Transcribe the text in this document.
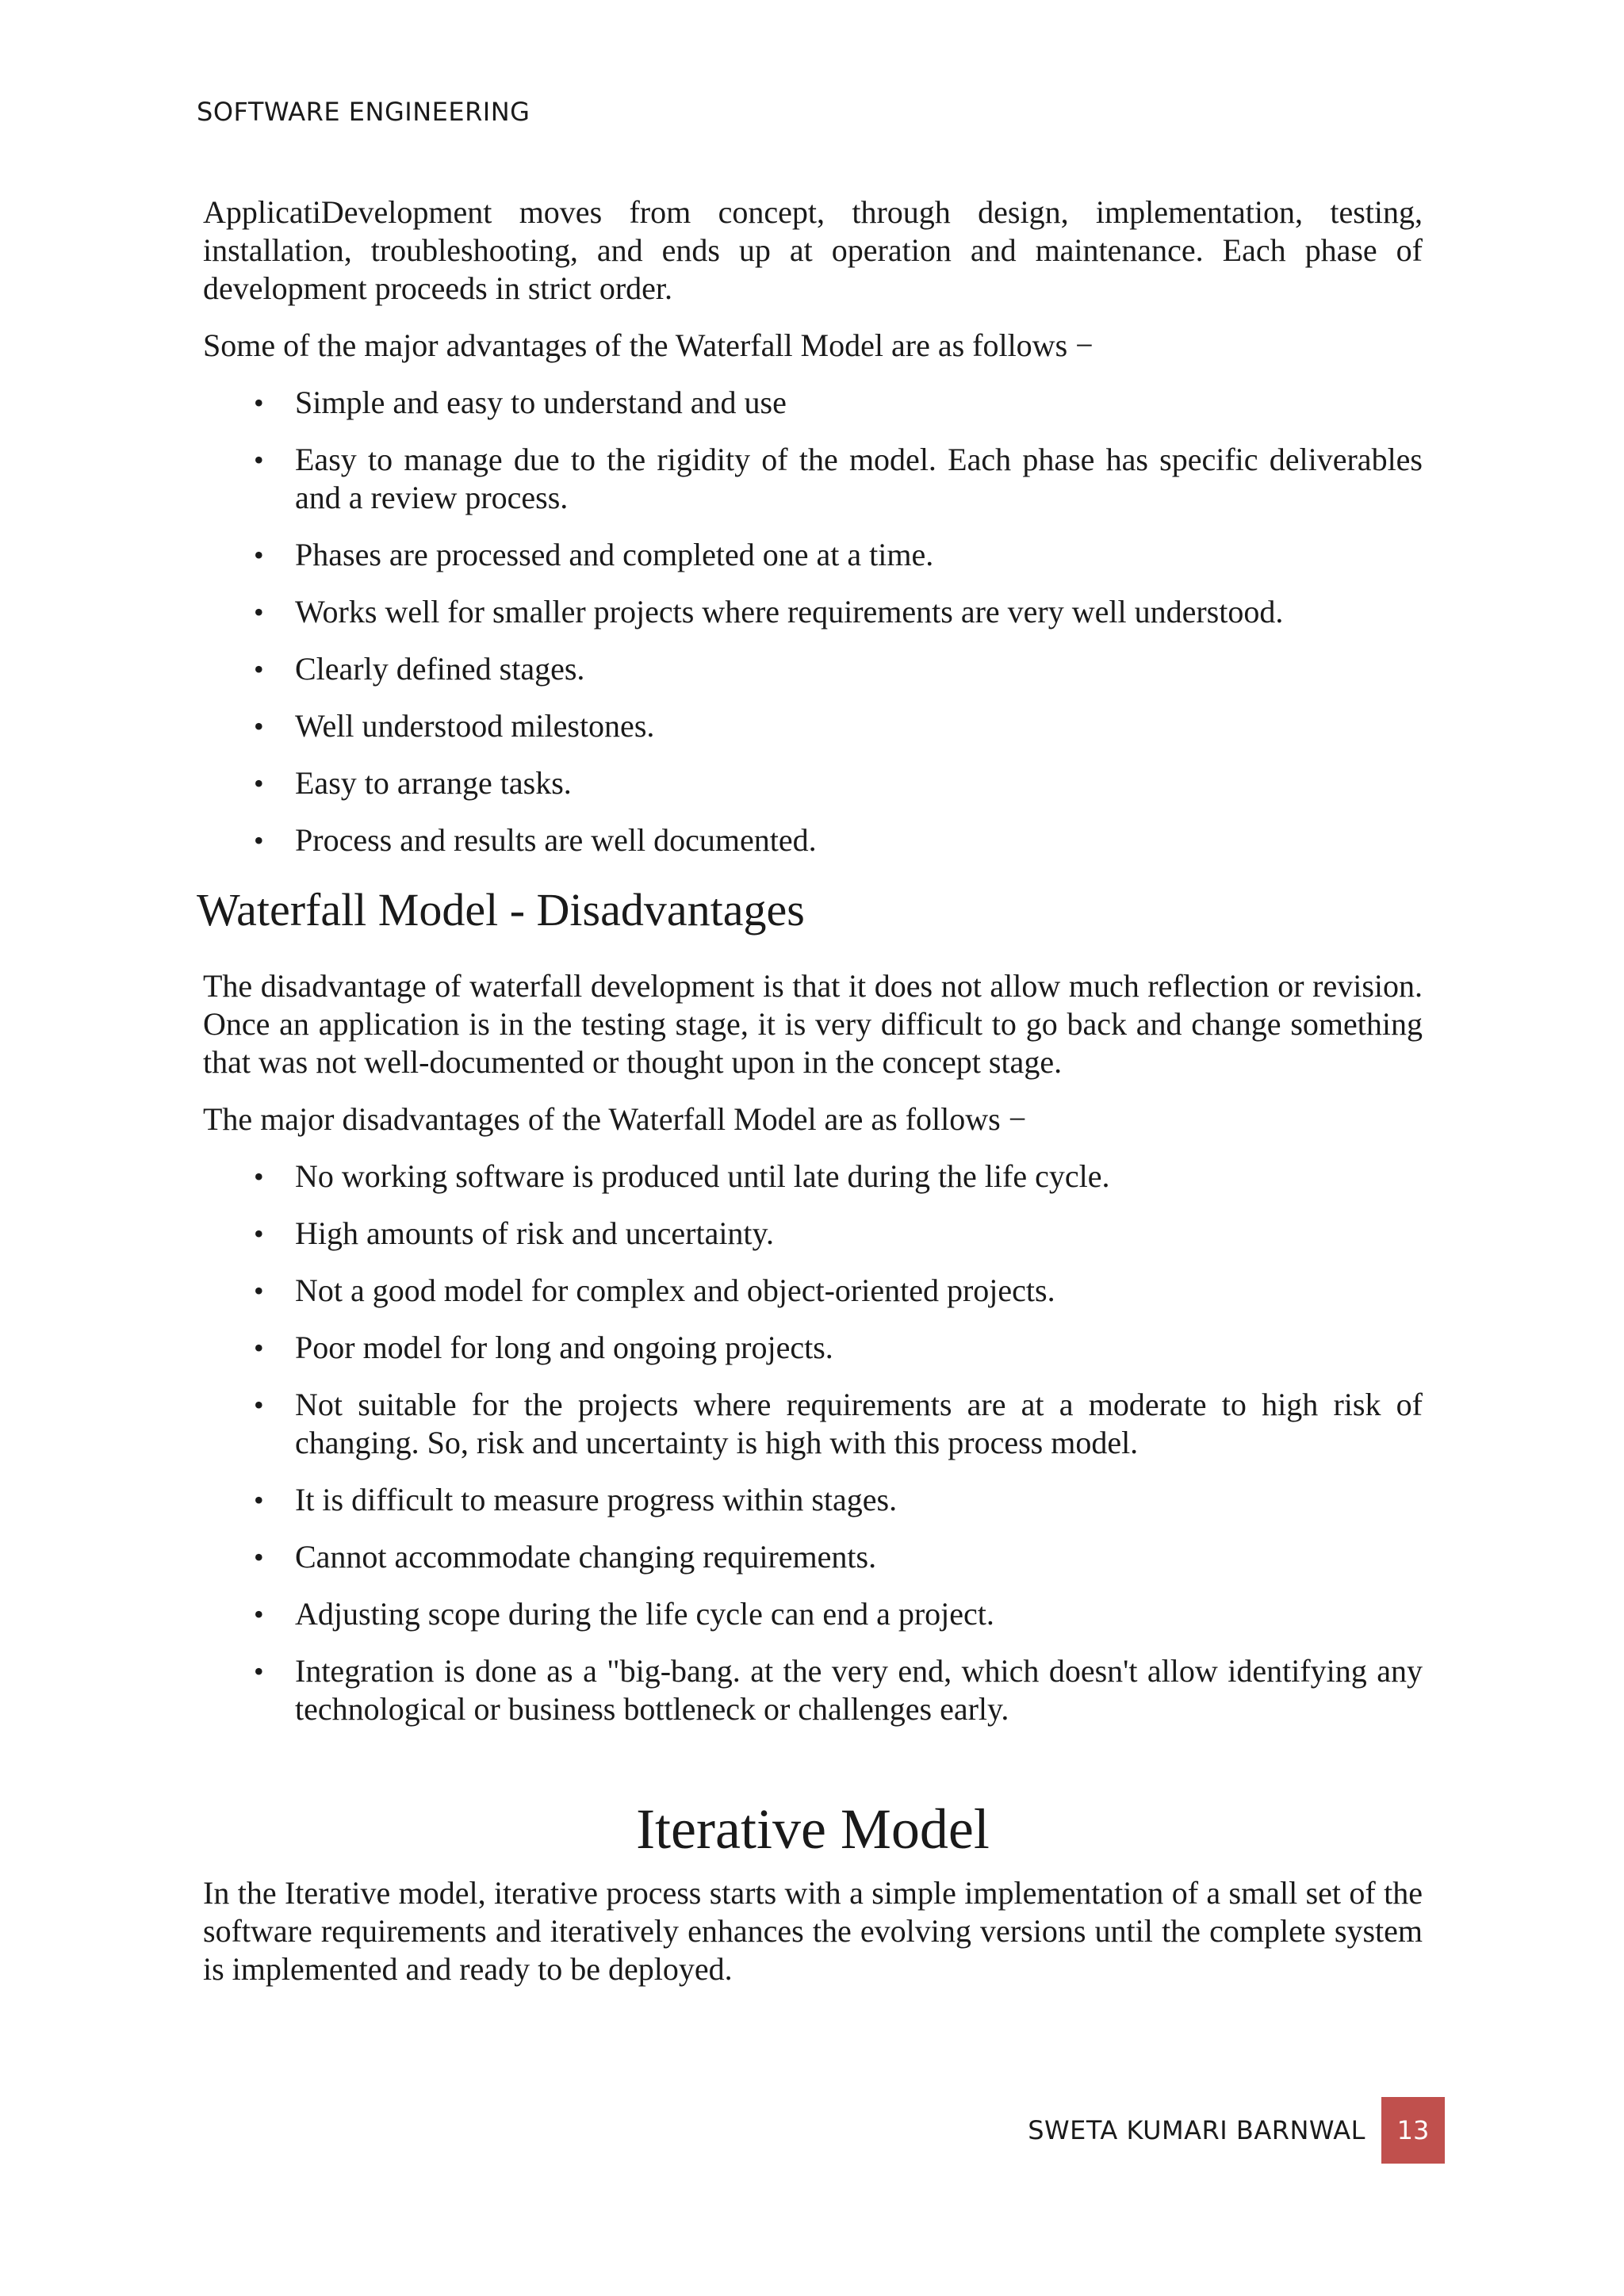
SOFTWARE ENGINEERING

ApplicatiDevelopment moves from concept, through design, implementation, testing, installation, troubleshooting, and ends up at operation and maintenance. Each phase of development proceeds in strict order.

Some of the major advantages of the Waterfall Model are as follows −

• Simple and easy to understand and use
• Easy to manage due to the rigidity of the model. Each phase has specific deliverables and a review process.
• Phases are processed and completed one at a time.
• Works well for smaller projects where requirements are very well understood.
• Clearly defined stages.
• Well understood milestones.
• Easy to arrange tasks.
• Process and results are well documented.
Waterfall Model - Disadvantages

The disadvantage of waterfall development is that it does not allow much reflection or revision. Once an application is in the testing stage, it is very difficult to go back and change something that was not well-documented or thought upon in the concept stage.

The major disadvantages of the Waterfall Model are as follows −

• No working software is produced until late during the life cycle.
• High amounts of risk and uncertainty.
• Not a good model for complex and object-oriented projects.
• Poor model for long and ongoing projects.
• Not suitable for the projects where requirements are at a moderate to high risk of changing. So, risk and uncertainty is high with this process model.
• It is difficult to measure progress within stages.
• Cannot accommodate changing requirements.
• Adjusting scope during the life cycle can end a project.
• Integration is done as a "big-bang. at the very end, which doesn't allow identifying any technological or business bottleneck or challenges early.
Iterative Model

In the Iterative model, iterative process starts with a simple implementation of a small set of the software requirements and iteratively enhances the evolving versions until the complete system is implemented and ready to be deployed.

SWETA KUMARI BARNWAL	13
